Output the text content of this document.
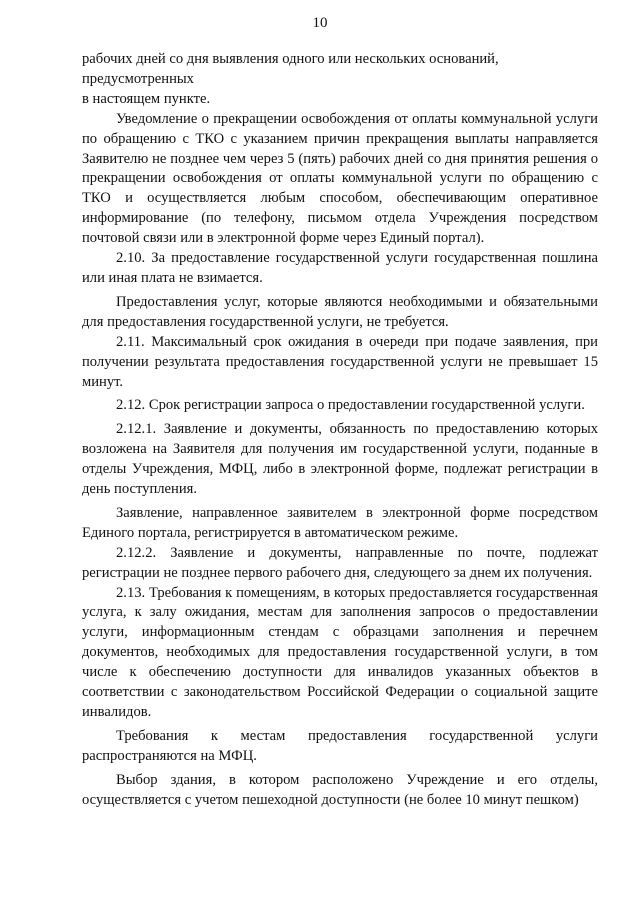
10

рабочих дней со дня выявления одного или нескольких оснований, предусмотренных

в настоящем пункте.

Уведомление о прекращении освобождения от оплаты коммунальной услуги по обращению с ТКО с указанием причин прекращения выплаты направляется Заявителю не позднее чем через 5 (пять) рабочих дней со дня принятия решения о прекращении освобождения от оплаты коммунальной услуги по обращению с ТКО и осуществляется любым способом, обеспечивающим оперативное информирование (по телефону, письмом отдела Учреждения посредством почтовой связи или в электронной форме через Единый портал).

2.10. За предоставление государственной услуги государственная пошлина или иная плата не взимается.

Предоставления услуг, которые являются необходимыми и обязательными для предоставления государственной услуги, не требуется.

2.11. Максимальный срок ожидания в очереди при подаче заявления, при получении результата предоставления государственной услуги не превышает 15 минут.

2.12. Срок регистрации запроса о предоставлении государственной услуги.

2.12.1. Заявление и документы, обязанность по предоставлению которых возложена на Заявителя для получения им государственной услуги, поданные в отделы Учреждения, МФЦ, либо в электронной форме, подлежат регистрации в день поступления.

Заявление, направленное заявителем в электронной форме посредством Единого портала, регистрируется в автоматическом режиме.

2.12.2. Заявление и документы, направленные по почте, подлежат регистрации не позднее первого рабочего дня, следующего за днем их получения.

2.13. Требования к помещениям, в которых предоставляется государственная услуга, к залу ожидания, местам для заполнения запросов о предоставлении услуги, информационным стендам с образцами заполнения и перечнем документов, необходимых для предоставления государственной услуги, в том числе к обеспечению доступности для инвалидов указанных объектов в соответствии с законодательством Российской Федерации о социальной защите инвалидов.

Требования к местам предоставления государственной услуги распространяются на МФЦ.

Выбор здания, в котором расположено Учреждение и его отделы, осуществляется с учетом пешеходной доступности (не более 10 минут пешком)
